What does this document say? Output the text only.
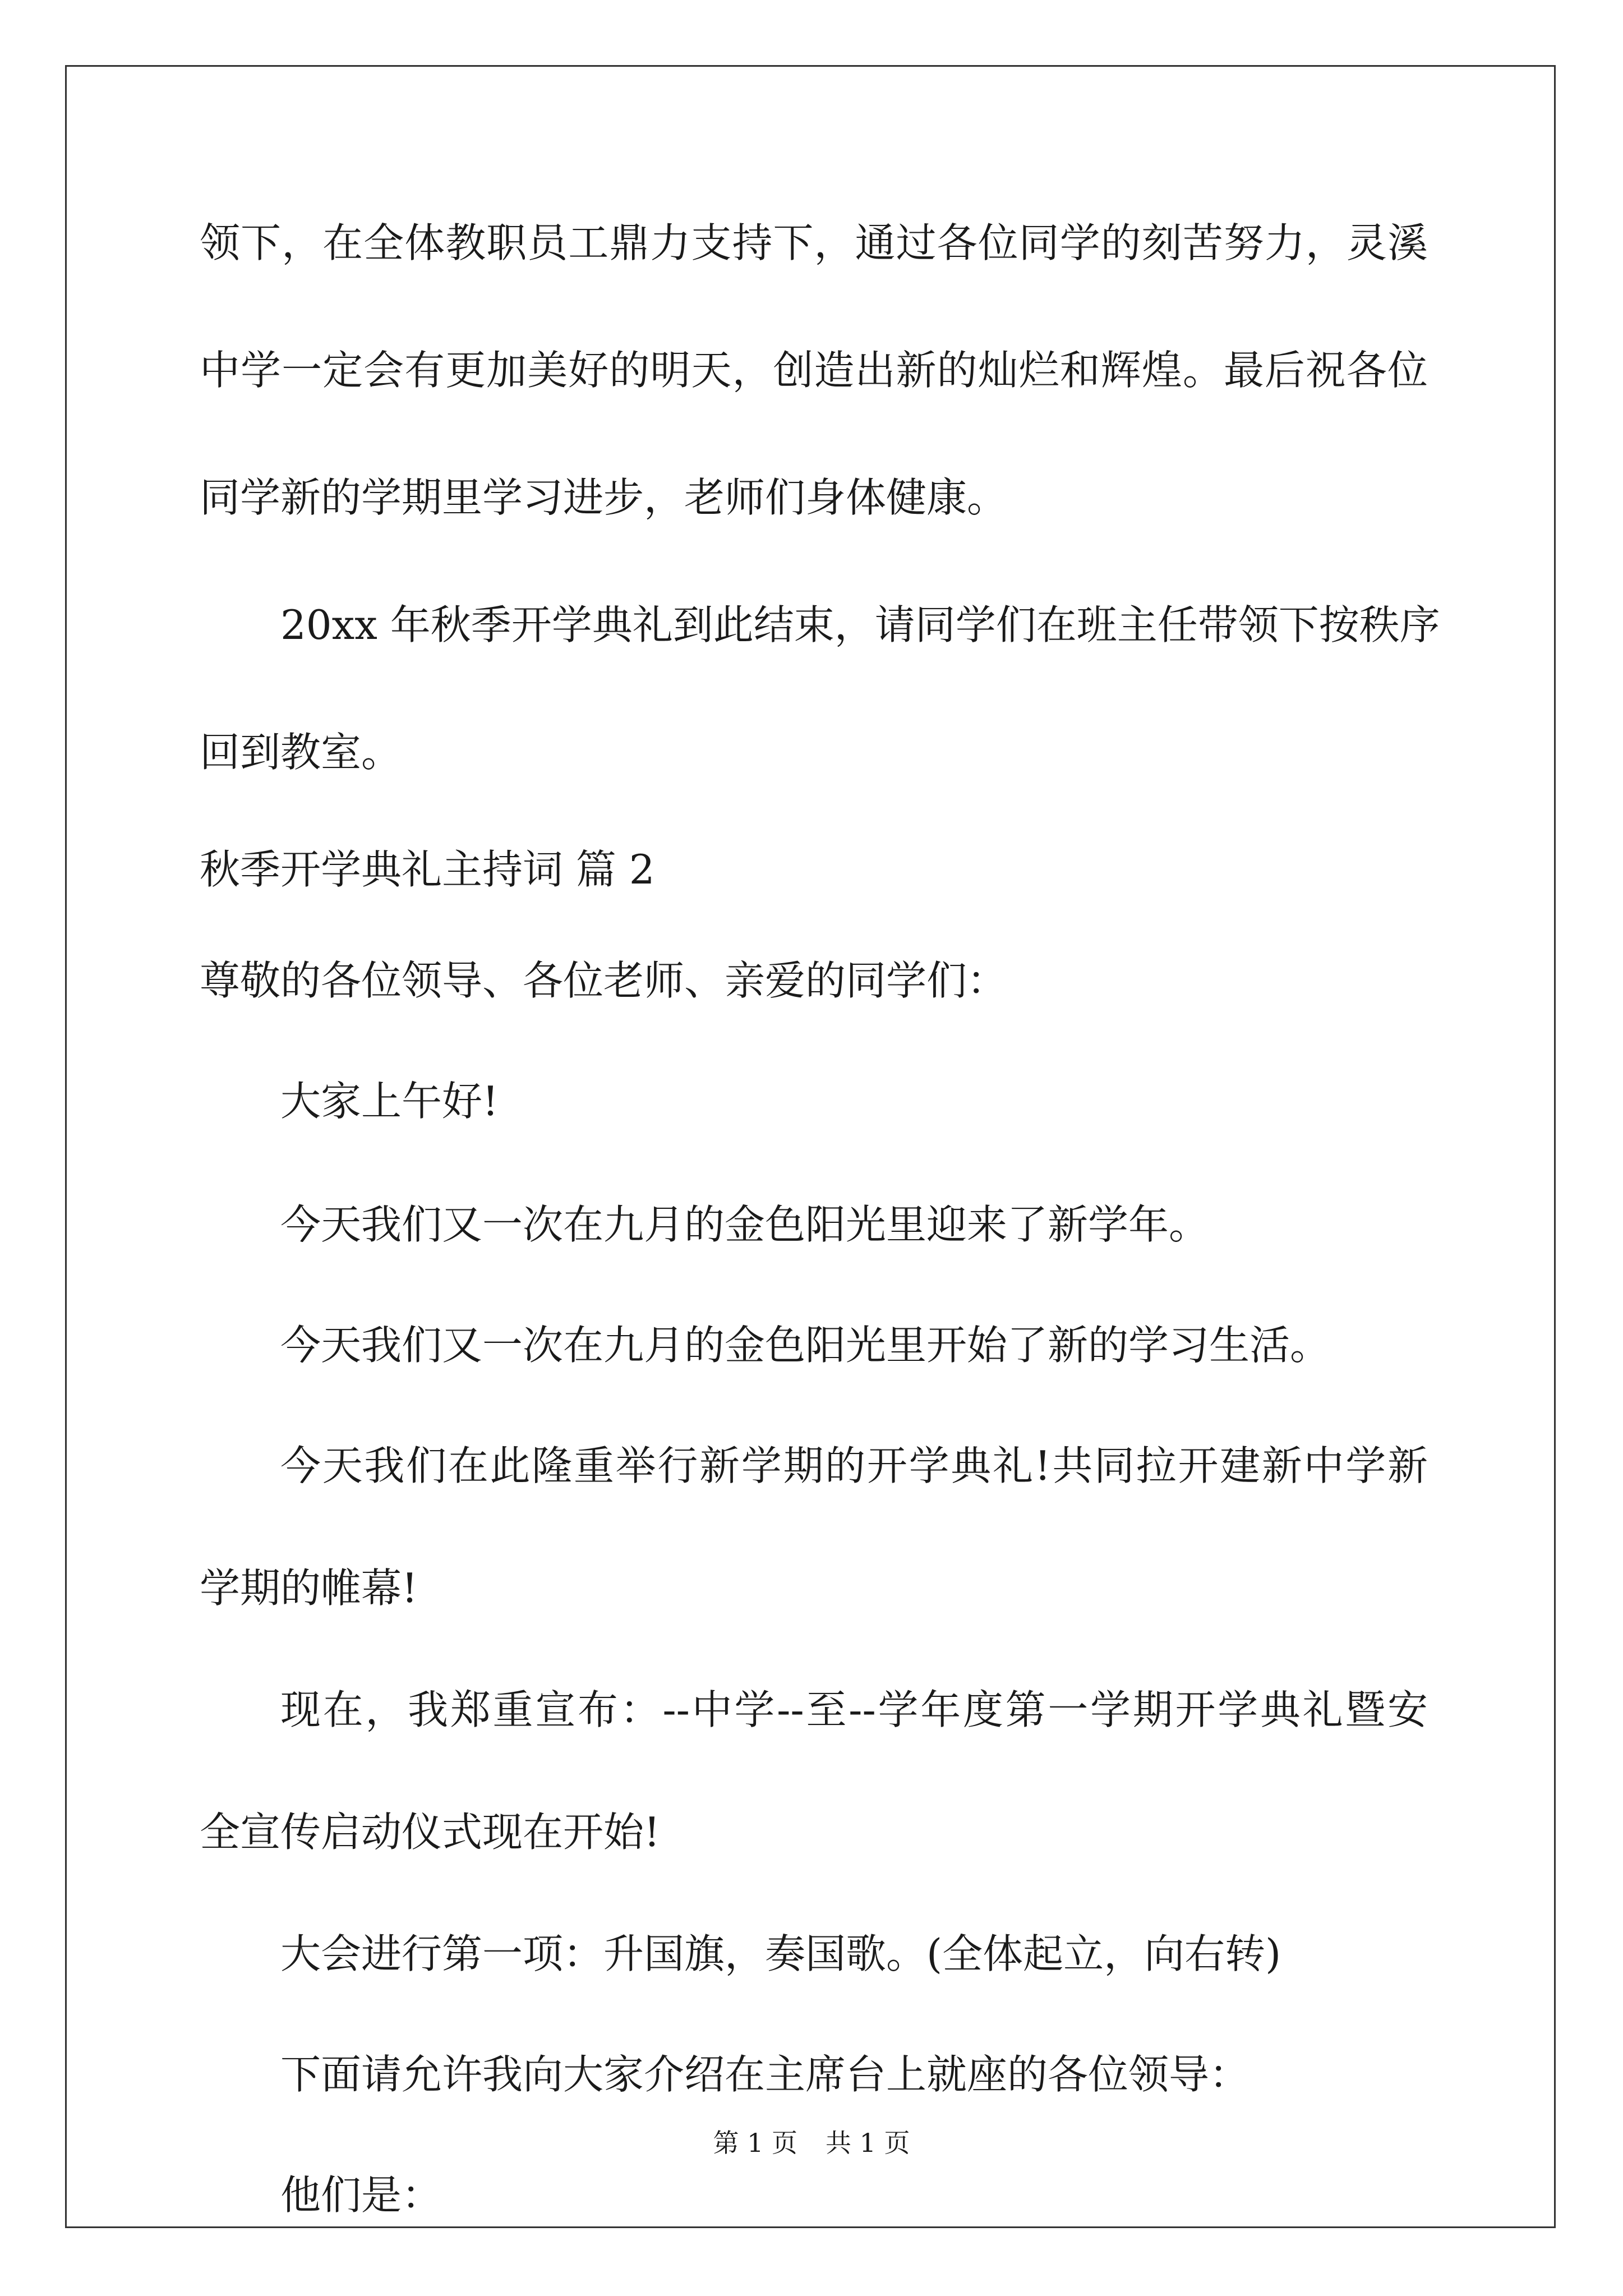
领下，在全体教职员工鼎力支持下，通过各位同学的刻苦努力，灵溪
中学一定会有更加美好的明天，创造出新的灿烂和辉煌。最后祝各位
同学新的学期里学习进步，老师们身体健康。
20xx 年秋季开学典礼到此结束，请同学们在班主任带领下按秩序
回到教室。
秋季开学典礼主持词 篇 2
尊敬的各位领导、各位老师、亲爱的同学们：
大家上午好!
今天我们又一次在九月的金色阳光里迎来了新学年。
今天我们又一次在九月的金色阳光里开始了新的学习生活。
今天我们在此隆重举行新学期的开学典礼!共同拉开建新中学新
学期的帷幕!
现在，我郑重宣布：--中学--至--学年度第一学期开学典礼暨安
全宣传启动仪式现在开始!
大会进行第一项：升国旗，奏国歌。(全体起立，向右转)
下面请允许我向大家介绍在主席台上就座的各位领导：
他们是：
第 1 页 共 1 页
